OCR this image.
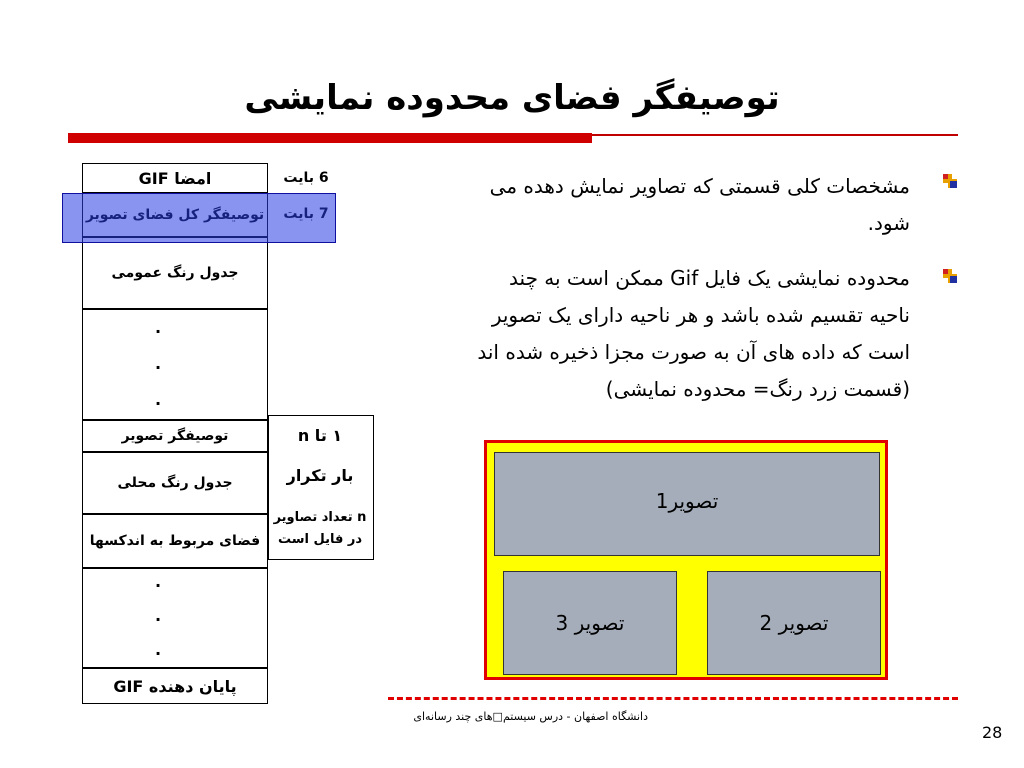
توصیفگر فضای محدوده نمایشی
امضا GIF
جدول رنگ عمومی
توصیفگر تصویر
جدول رنگ محلی
فضای مربوط به اندکسها
پایان دهنده GIF
.
.
.
.
.
.
6 بایت
۱ تا n
بار تکرار
n تعداد تصاویر
در فایل است
مشخصات کلی قسمتی که تصاویر نمایش دهده می
شود.
محدوده نمایشی یک فایل Gif ممکن است به چند
ناحیه تقسیم شده باشد و هر ناحیه دارای یک تصویر
است که داده های آن به صورت مجزا ذخیره شده اند
(قسمت زرد رنگ= محدوده نمایشی)
تصویر1
تصویر 3	تصویر 2
دانشگاه اصفهان - درس سیستم□های چند رسانه‌ای
28
